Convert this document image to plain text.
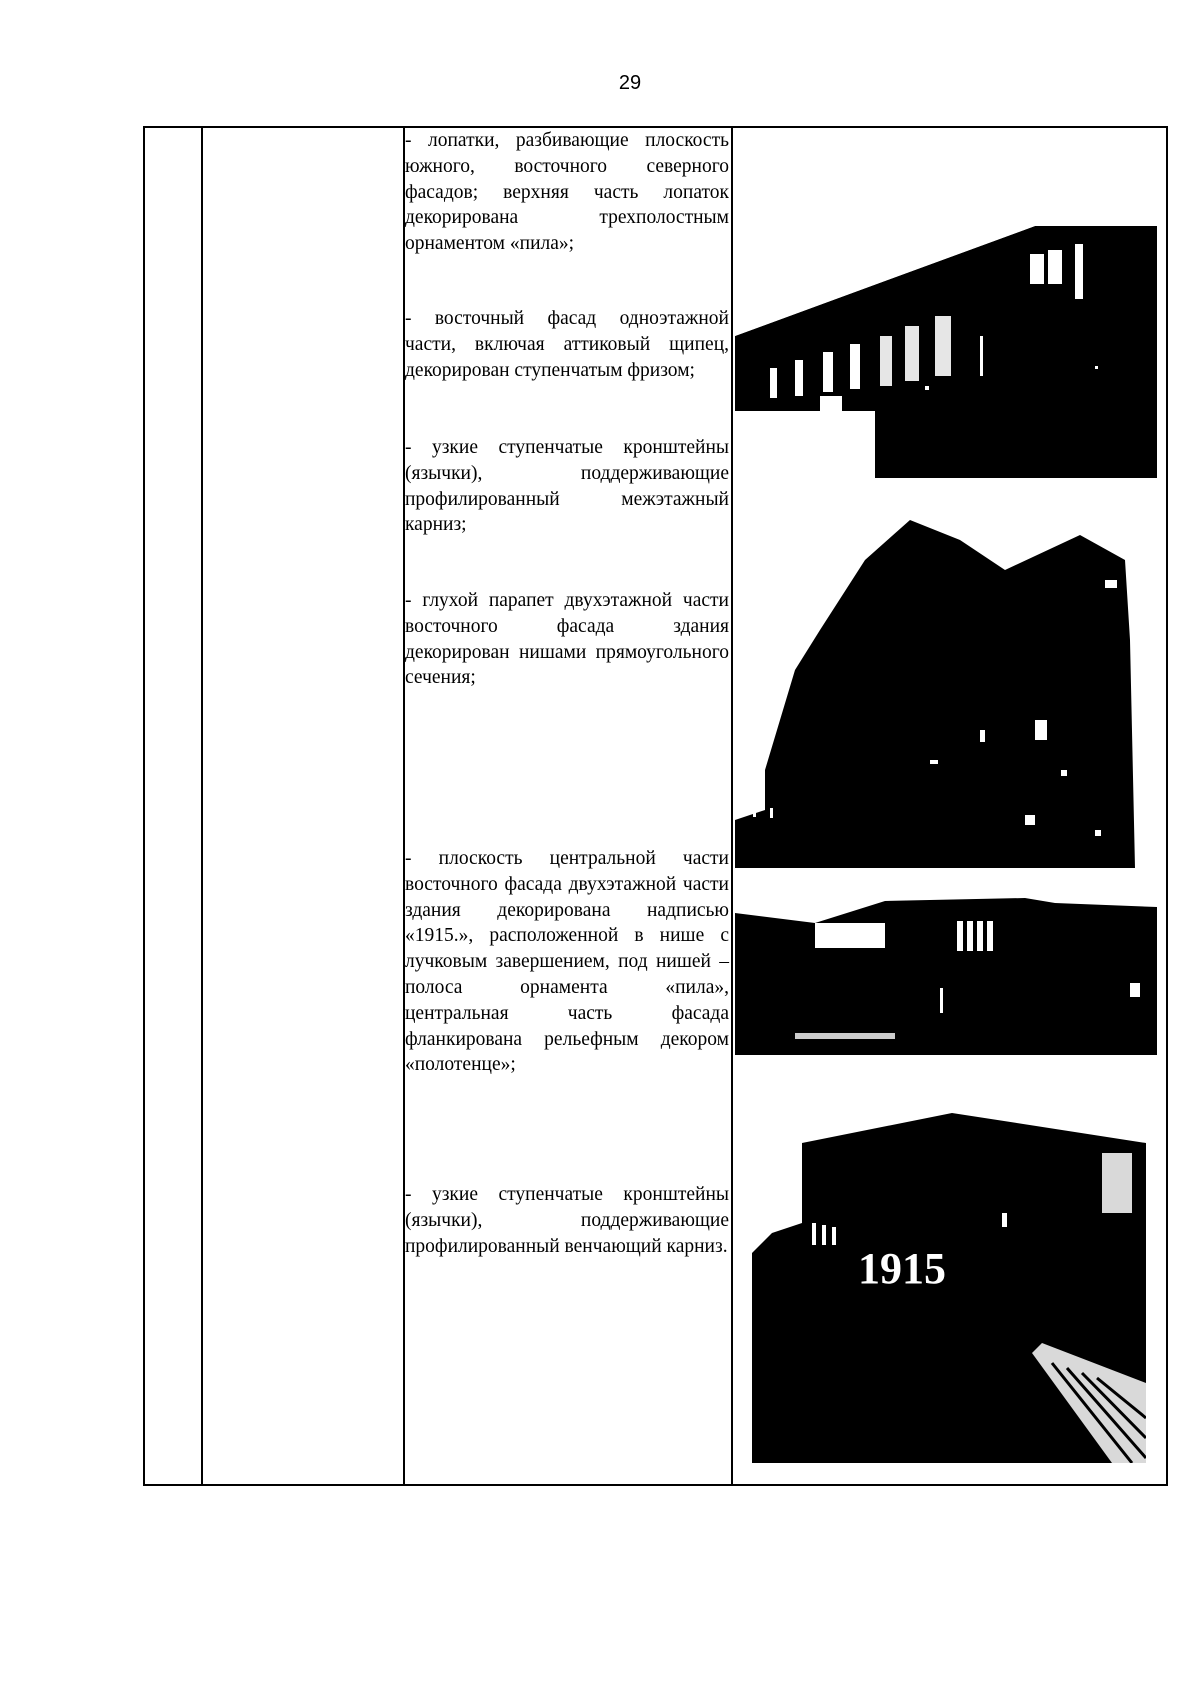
29
- лопатки, разбивающие плоскость южного, восточного северного фасадов; верхняя часть лопаток декорирована трехполостным орнаментом «пила»;
- восточный фасад одноэтажной части, включая аттиковый щипец, декорирован ступенчатым фризом;
- узкие ступенчатые кронштейны (язычки), поддерживающие профилированный межэтажный карниз;
- глухой парапет двухэтажной части восточного фасада здания декорирован нишами прямоугольного сечения;
- плоскость центральной части восточного фасада двухэтажной части здания декорирована надписью «1915.», расположенной в нише с лучковым завершением, под нишей – полоса орнамента «пила», центральная часть фасада фланкирована рельефным декором «полотенце»;
- узкие ступенчатые кронштейны (язычки), поддерживающие профилированный венчающий карниз.	1915
